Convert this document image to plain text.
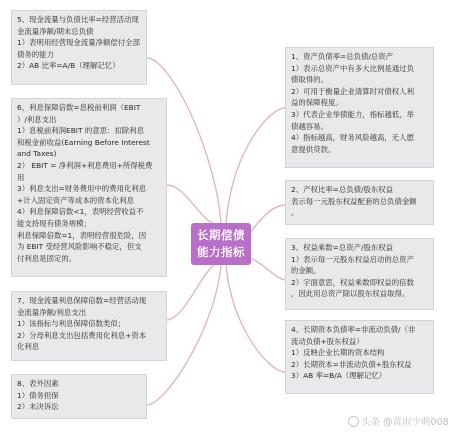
5、现金流量与负债比率=经营活动现
金流量净额/期末总负债
1）表明用经营现金流量净额偿付全部
债务的能力
2）AB 比率=A/B（理解记忆）
6、利息保障倍数=息税前利润（EBIT
）/利息支出
1）息税前利润EBIT 的意思：扣除利息
和税金前收益(Earning Before Interest
and Taxes)
2） EBIT = 净利润+利息费用+所得税费
用
3）利息支出=财务费用中的费用化利息
+计入固定资产等成本的资本化利息
4）利息保障倍数<1，表明经营收益不
能支持现有债务规模；
利息保障倍数=1，表明经营很危险，因
为 EBIT 受经营风险影响不稳定，但支
付利息是固定的。
7、现金流量利息保障倍数=经营活动现
金流量净额/利息支出
1）该指标与利息保障倍数类似；
2）分母利息支出包括费用化利息+资本
化利息
8、表外因素
1）债务担保
2）未决诉讼
1、资产负债率=总负债/总资产
1）表示总资产中有多大比例是通过负
债取得的。
2）可用于衡量企业清算时对债权人利
益的保障程度。
3）代表企业举债能力，指标越低，举
债越容易。
4）指标越高，财务风险越高，无人愿
意提供贷款。
2、产权比率=总负债/股东权益
表示每一元股东权益配套的总负债金额
。
3、权益乘数=总资产/股东权益
1）表示每一元股东权益启动的总资产
的金额。
2）字面意思，权益乘数即权益的倍数
，因此用总资产除以股东权益取得。
4、长期资本负债率=非流动负债/（非
流动负债+股东权益）
1）反映企业长期的资本结构
2）长期资本=非流动负债+股东权益
3）AB 率=B/A（理解记忆）
长期偿债
能力指标
头条 @黄雨少萌008
